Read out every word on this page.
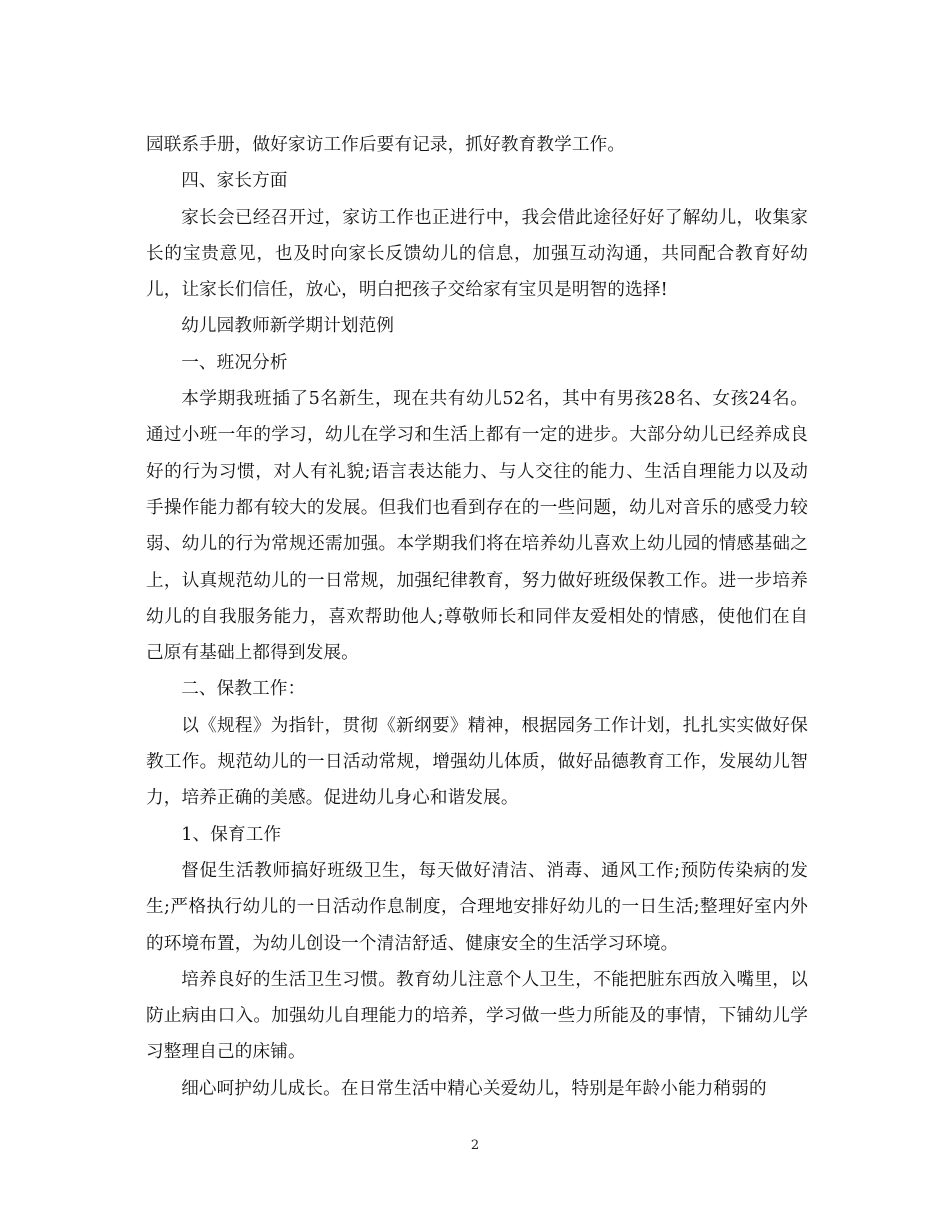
园联系手册，做好家访工作后要有记录，抓好教育教学工作。

四、家长方面

家长会已经召开过，家访工作也正进行中，我会借此途径好好了解幼儿，收集家长的宝贵意见，也及时向家长反馈幼儿的信息，加强互动沟通，共同配合教育好幼儿，让家长们信任，放心，明白把孩子交给家有宝贝是明智的选择!

幼儿园教师新学期计划范例

一、班况分析

本学期我班插了5名新生，现在共有幼儿52名，其中有男孩28名、女孩24名。通过小班一年的学习，幼儿在学习和生活上都有一定的进步。大部分幼儿已经养成良好的行为习惯，对人有礼貌;语言表达能力、与人交往的能力、生活自理能力以及动手操作能力都有较大的发展。但我们也看到存在的一些问题，幼儿对音乐的感受力较弱、幼儿的行为常规还需加强。本学期我们将在培养幼儿喜欢上幼儿园的情感基础之上，认真规范幼儿的一日常规，加强纪律教育，努力做好班级保教工作。进一步培养幼儿的自我服务能力，喜欢帮助他人;尊敬师长和同伴友爱相处的情感，使他们在自己原有基础上都得到发展。

二、保教工作：

以《规程》为指针，贯彻《新纲要》精神，根据园务工作计划，扎扎实实做好保教工作。规范幼儿的一日活动常规，增强幼儿体质，做好品德教育工作，发展幼儿智力，培养正确的美感。促进幼儿身心和谐发展。

1、保育工作

督促生活教师搞好班级卫生，每天做好清洁、消毒、通风工作;预防传染病的发生;严格执行幼儿的一日活动作息制度，合理地安排好幼儿的一日生活;整理好室内外的环境布置，为幼儿创设一个清洁舒适、健康安全的生活学习环境。

培养良好的生活卫生习惯。教育幼儿注意个人卫生，不能把脏东西放入嘴里，以防止病由口入。加强幼儿自理能力的培养，学习做一些力所能及的事情，下铺幼儿学习整理自己的床铺。

细心呵护幼儿成长。在日常生活中精心关爱幼儿，特别是年龄小能力稍弱的

2
